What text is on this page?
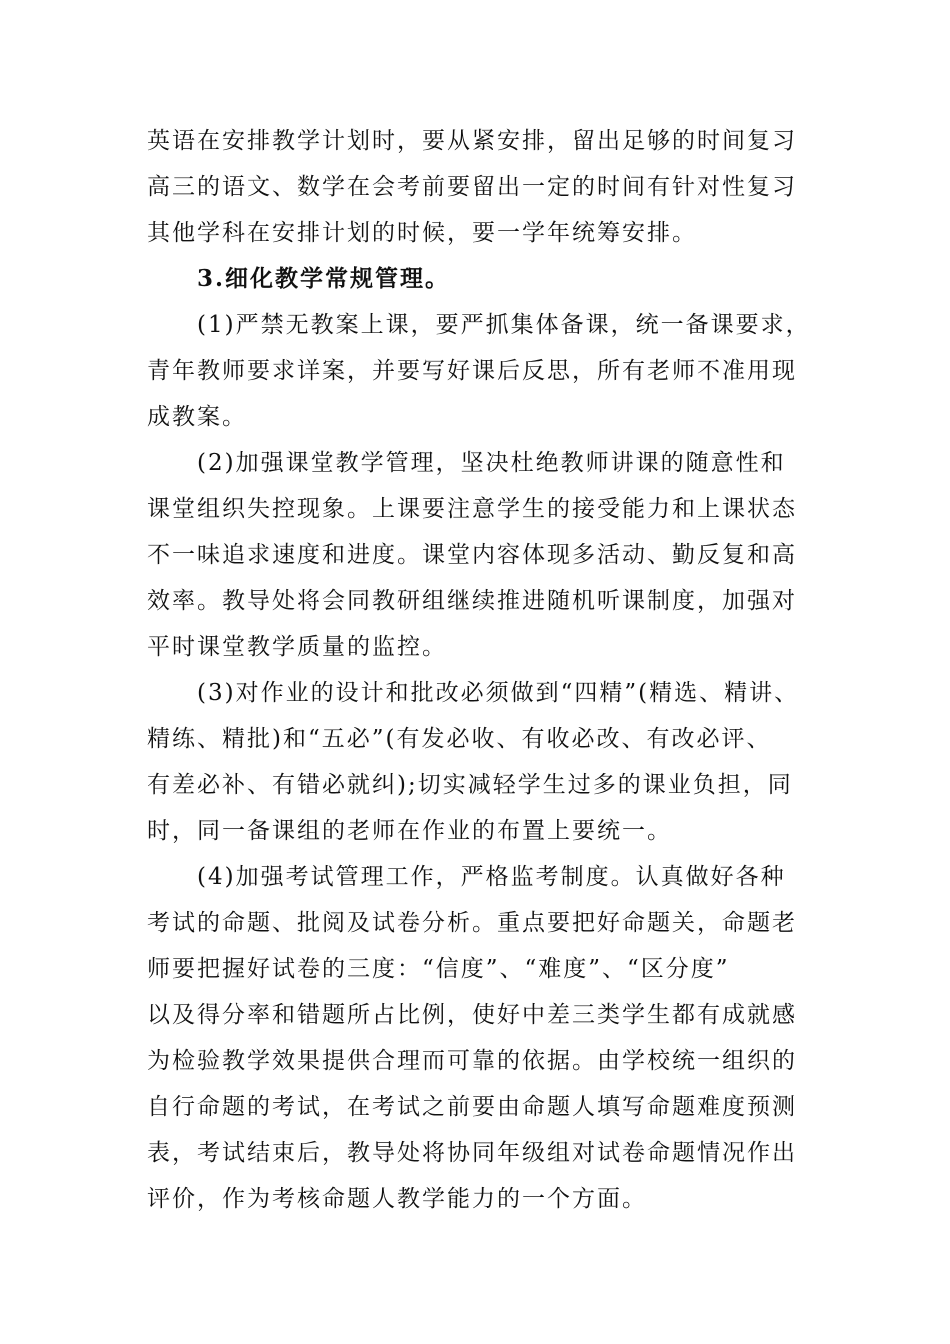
英语在安排教学计划时，要从紧安排，留出足够的时间复习
高三的语文、数学在会考前要留出一定的时间有针对性复习
其他学科在安排计划的时候，要一学年统筹安排。
3.细化教学常规管理。
(1)严禁无教案上课，要严抓集体备课，统一备课要求，
青年教师要求详案，并要写好课后反思，所有老师不准用现
成教案。
(2)加强课堂教学管理，坚决杜绝教师讲课的随意性和
课堂组织失控现象。上课要注意学生的接受能力和上课状态
不一味追求速度和进度。课堂内容体现多活动、勤反复和高
效率。教导处将会同教研组继续推进随机听课制度，加强对
平时课堂教学质量的监控。
(3)对作业的设计和批改必须做到“四精”(精选、精讲、
精练、精批)和“五必”(有发必收、有收必改、有改必评、
有差必补、有错必就纠);切实减轻学生过多的课业负担，同
时，同一备课组的老师在作业的布置上要统一。
(4)加强考试管理工作，严格监考制度。认真做好各种
考试的命题、批阅及试卷分析。重点要把好命题关，命题老
师要把握好试卷的三度：“信度”、“难度”、“区分度”
以及得分率和错题所占比例，使好中差三类学生都有成就感
为检验教学效果提供合理而可靠的依据。由学校统一组织的
自行命题的考试，在考试之前要由命题人填写命题难度预测
表，考试结束后，教导处将协同年级组对试卷命题情况作出
评价，作为考核命题人教学能力的一个方面。
